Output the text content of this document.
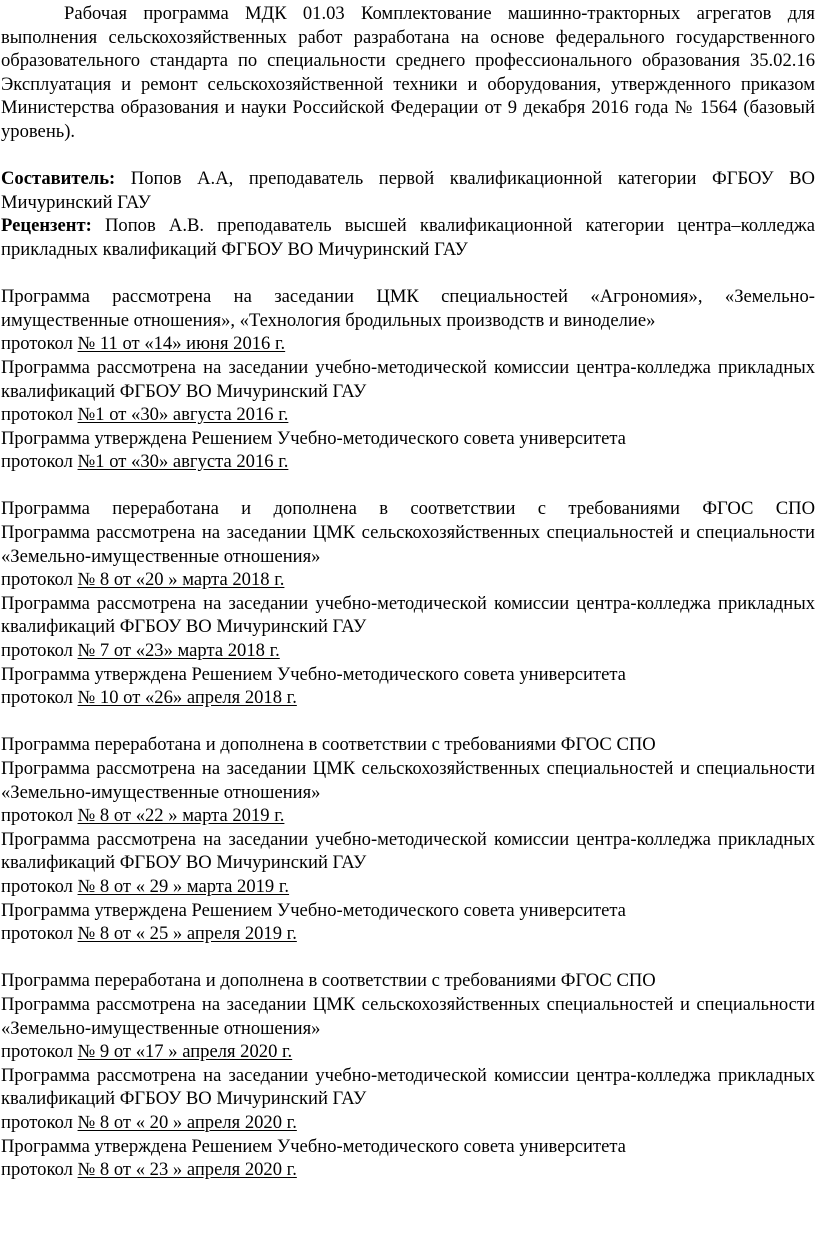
Рабочая программа МДК 01.03 Комплектование машинно-тракторных агрегатов для выполнения сельскохозяйственных работ разработана на основе федерального государственного образовательного стандарта по специальности среднего профессионального образования 35.02.16 Эксплуатация и ремонт сельскохозяйственной техники и оборудования, утвержденного приказом Министерства образования и науки Российской Федерации от 9 декабря 2016 года № 1564 (базовый уровень).

Составитель: Попов А.А, преподаватель первой квалификационной категории ФГБОУ ВО Мичуринский ГАУ

Рецензент: Попов А.В. преподаватель высшей квалификационной категории центра–колледжа прикладных квалификаций ФГБОУ ВО Мичуринский ГАУ

Программа рассмотрена на заседании ЦМК специальностей «Агрономия», «Земельно-имущественные отношения», «Технология бродильных производств и виноделие»

протокол № 11 от «14» июня 2016 г.

Программа рассмотрена на заседании учебно-методической комиссии центра-колледжа прикладных квалификаций ФГБОУ ВО Мичуринский ГАУ

протокол №1 от «30» августа 2016 г.

Программа утверждена Решением Учебно-методического совета университета

протокол №1 от «30» августа 2016 г.

Программа переработана и дополнена в соответствии с требованиями ФГОС СПО

Программа рассмотрена на заседании ЦМК сельскохозяйственных специальностей и специальности «Земельно-имущественные отношения»

протокол № 8 от «20 » марта 2018 г.

Программа рассмотрена на заседании учебно-методической комиссии центра-колледжа прикладных квалификаций ФГБОУ ВО Мичуринский ГАУ

протокол № 7 от «23» марта 2018 г.

Программа утверждена Решением Учебно-методического совета университета

протокол № 10 от «26» апреля 2018 г.

Программа переработана и дополнена в соответствии с требованиями ФГОС СПО

Программа рассмотрена на заседании ЦМК сельскохозяйственных специальностей и специальности «Земельно-имущественные отношения»

протокол № 8 от «22 » марта 2019 г.

Программа рассмотрена на заседании учебно-методической комиссии центра-колледжа прикладных квалификаций ФГБОУ ВО Мичуринский ГАУ

протокол № 8 от « 29 » марта 2019 г.

Программа утверждена Решением Учебно-методического совета университета

протокол № 8 от « 25 » апреля 2019 г.

Программа переработана и дополнена в соответствии с требованиями ФГОС СПО

Программа рассмотрена на заседании ЦМК сельскохозяйственных специальностей и специальности «Земельно-имущественные отношения»

протокол № 9 от «17 » апреля 2020 г.

Программа рассмотрена на заседании учебно-методической комиссии центра-колледжа прикладных квалификаций ФГБОУ ВО Мичуринский ГАУ

протокол № 8 от « 20 » апреля 2020 г.

Программа утверждена Решением Учебно-методического совета университета

протокол № 8 от « 23 » апреля 2020 г.
